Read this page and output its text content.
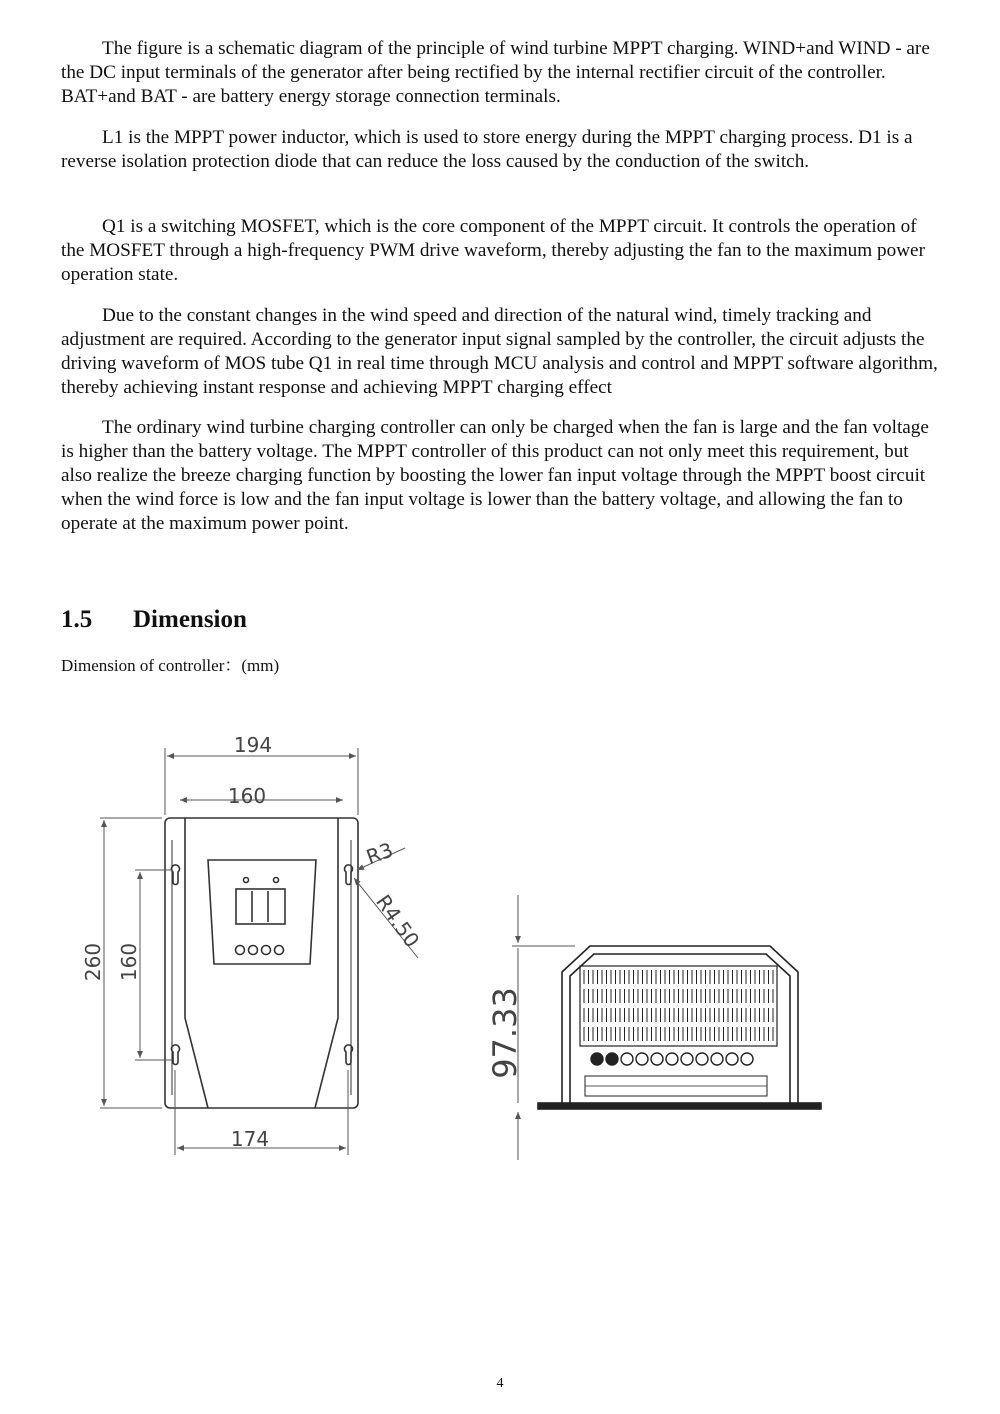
The figure is a schematic diagram of the principle of wind turbine MPPT charging. WIND+and WIND - are the DC input terminals of the generator after being rectified by the internal rectifier circuit of the controller. BAT+and BAT - are battery energy storage connection terminals.

L1 is the MPPT power inductor, which is used to store energy during the MPPT charging process. D1 is a reverse isolation protection diode that can reduce the loss caused by the conduction of the switch.

Q1 is a switching MOSFET, which is the core component of the MPPT circuit. It controls the operation of the MOSFET through a high-frequency PWM drive waveform, thereby adjusting the fan to the maximum power operation state.

Due to the constant changes in the wind speed and direction of the natural wind, timely tracking and adjustment are required. According to the generator input signal sampled by the controller, the circuit adjusts the driving waveform of MOS tube Q1 in real time through MCU analysis and control and MPPT software algorithm, thereby achieving instant response and achieving MPPT charging effect

The ordinary wind turbine charging controller can only be charged when the fan is large and the fan voltage is higher than the battery voltage. The MPPT controller of this product can not only meet this requirement, but also realize the breeze charging function by boosting the lower fan input voltage through the MPPT boost circuit when the wind force is low and the fan input voltage is lower than the battery voltage, and allowing the fan to operate at the maximum power point.

1.5 Dimension

Dimension of controller：(mm)

194
160
174
260 160
R3
R4.50
97.33
4
